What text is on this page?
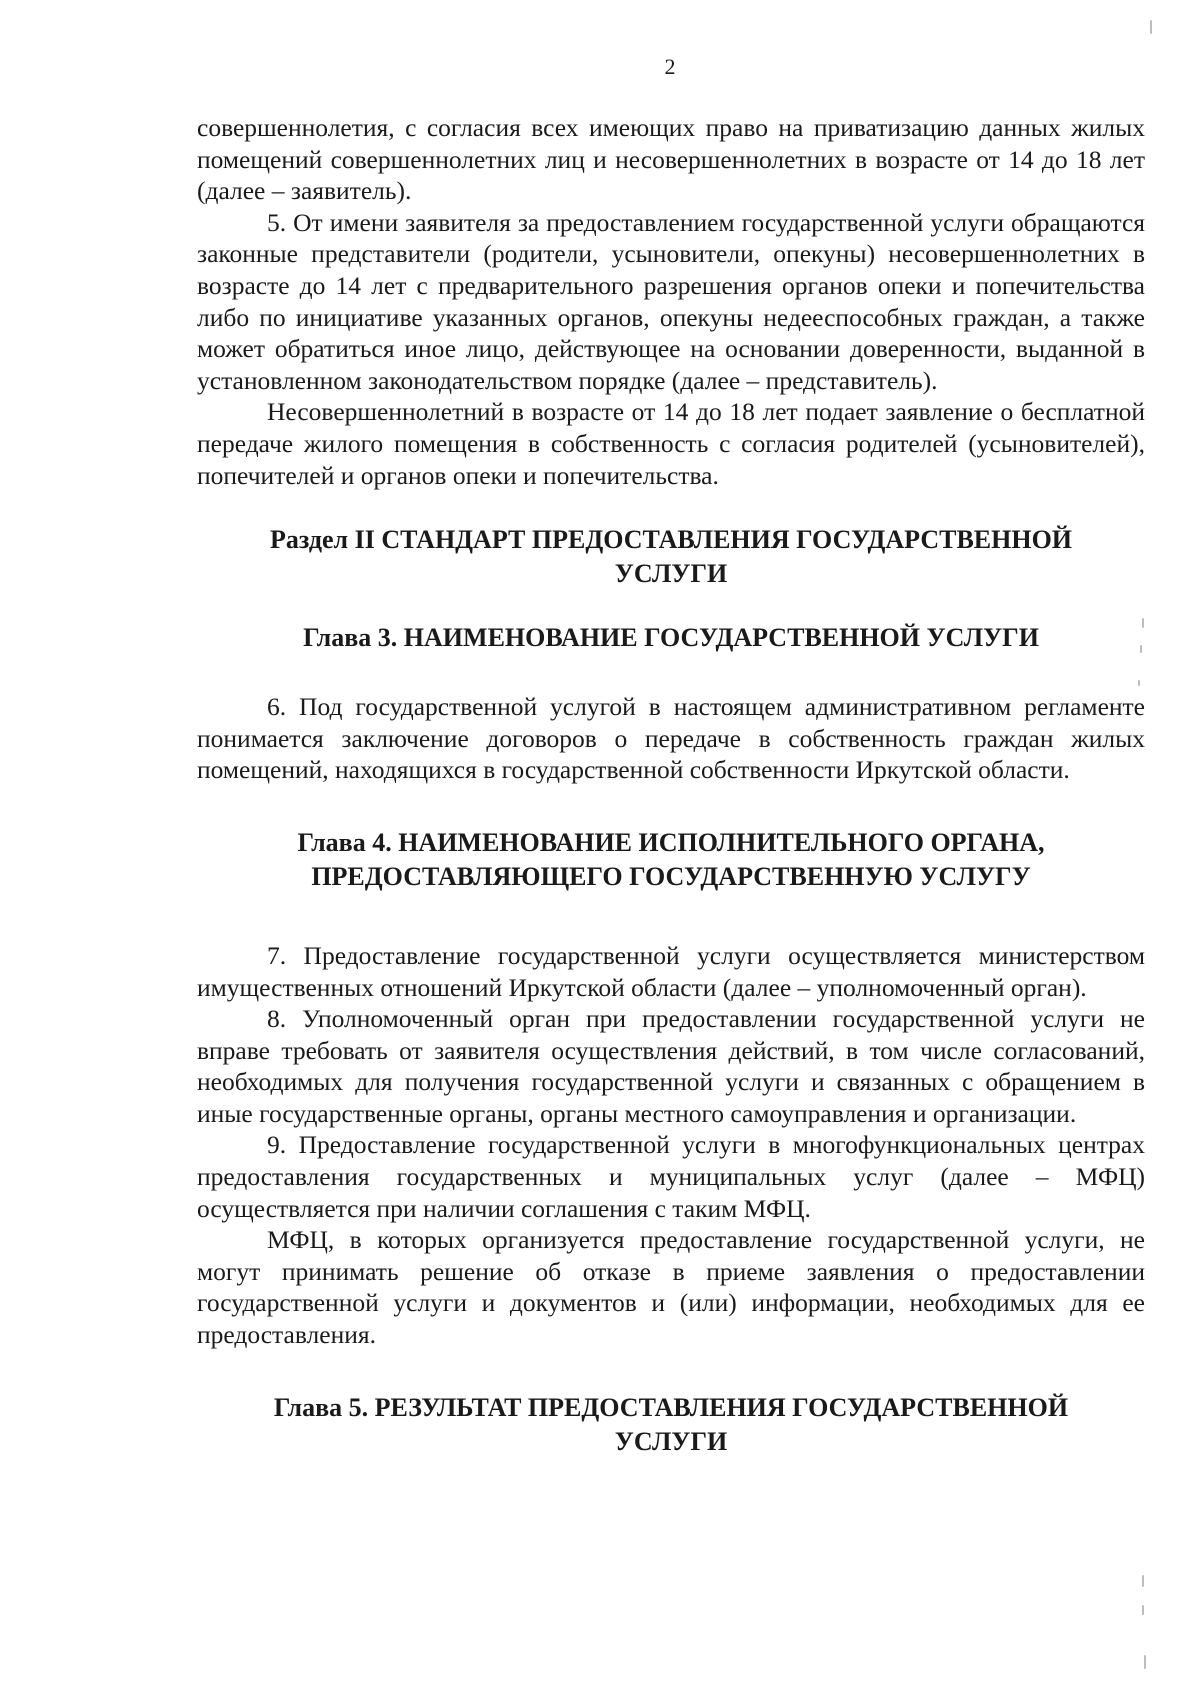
2

совершеннолетия, с согласия всех имеющих право на приватизацию данных жилых помещений совершеннолетних лиц и несовершеннолетних в возрасте от 14 до 18 лет (далее – заявитель).

5. От имени заявителя за предоставлением государственной услуги обращаются законные представители (родители, усыновители, опекуны) несовершеннолетних в возрасте до 14 лет с предварительного разрешения органов опеки и попечительства либо по инициативе указанных органов, опекуны недееспособных граждан, а также может обратиться иное лицо, действующее на основании доверенности, выданной в установленном законодательством порядке (далее – представитель).

Несовершеннолетний в возрасте от 14 до 18 лет подает заявление о бесплатной передаче жилого помещения в собственность с согласия родителей (усыновителей), попечителей и органов опеки и попечительства.

Раздел II СТАНДАРТ ПРЕДОСТАВЛЕНИЯ ГОСУДАРСТВЕННОЙ
УСЛУГИ
Глава 3. НАИМЕНОВАНИЕ ГОСУДАРСТВЕННОЙ УСЛУГИ

6. Под государственной услугой в настоящем административном регламенте понимается заключение договоров о передаче в собственность граждан жилых помещений, находящихся в государственной собственности Иркутской области.

Глава 4. НАИМЕНОВАНИЕ ИСПОЛНИТЕЛЬНОГО ОРГАНА,
ПРЕДОСТАВЛЯЮЩЕГО ГОСУДАРСТВЕННУЮ УСЛУГУ

7. Предоставление государственной услуги осуществляется министерством имущественных отношений Иркутской области (далее – уполномоченный орган).

8. Уполномоченный орган при предоставлении государственной услуги не вправе требовать от заявителя осуществления действий, в том числе согласований, необходимых для получения государственной услуги и связанных с обращением в иные государственные органы, органы местного самоуправления и организации.

9. Предоставление государственной услуги в многофункциональных центрах предоставления государственных и муниципальных услуг (далее – МФЦ) осуществляется при наличии соглашения с таким МФЦ.

МФЦ, в которых организуется предоставление государственной услуги, не могут принимать решение об отказе в приеме заявления о предоставлении государственной услуги и документов и (или) информации, необходимых для ее предоставления.

Глава 5. РЕЗУЛЬТАТ ПРЕДОСТАВЛЕНИЯ ГОСУДАРСТВЕННОЙ
УСЛУГИ
